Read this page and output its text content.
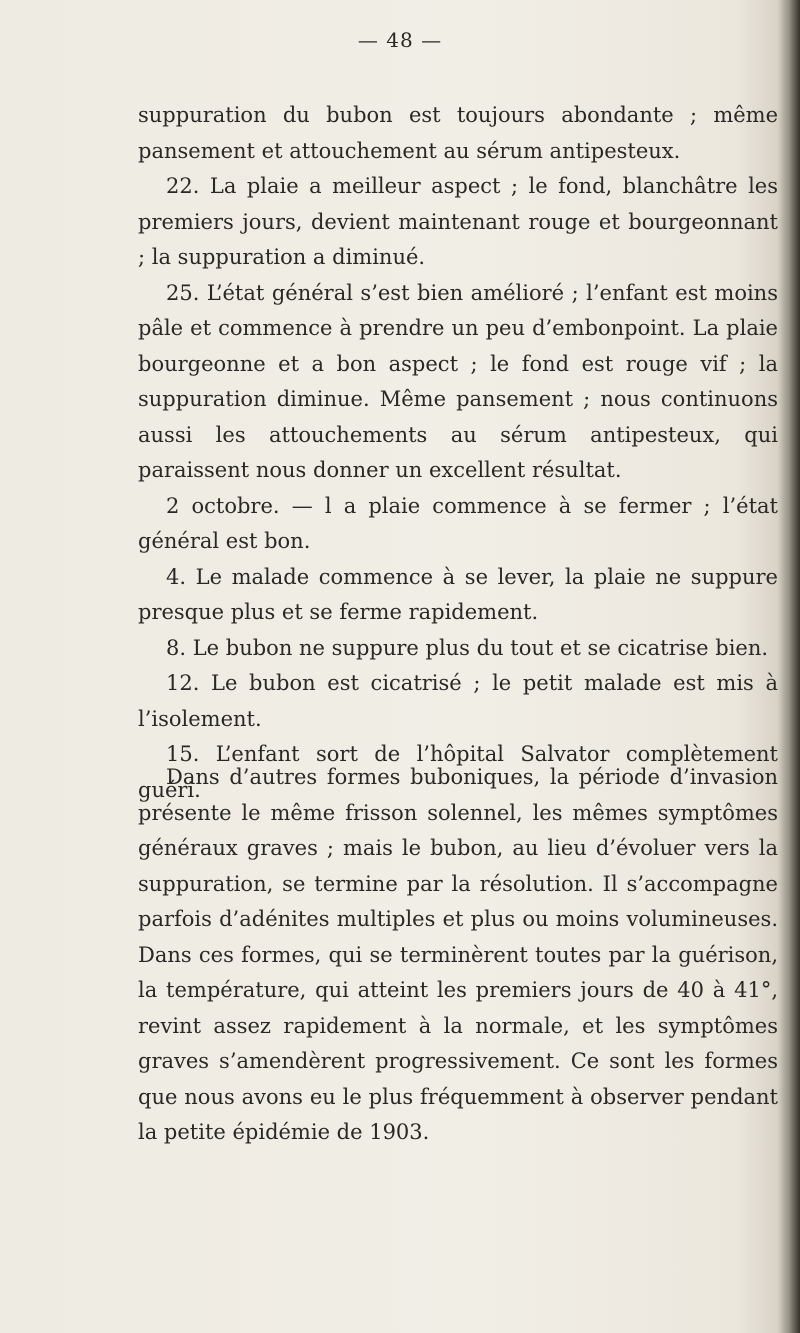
— 48 —

suppuration du bubon est toujours abondante ; même pansement et attouchement au sérum antipesteux.

22. La plaie a meilleur aspect ; le fond, blanchâtre les premiers jours, devient maintenant rouge et bourgeonnant ; la suppuration a diminué.

25. L’état général s’est bien amélioré ; l’enfant est moins pâle et commence à prendre un peu d’embonpoint. La plaie bourgeonne et a bon aspect ; le fond est rouge vif ; la suppuration diminue. Même pansement ; nous continuons aussi les attouchements au sérum antipesteux, qui paraissent nous donner un excellent résultat.

2 octobre. — l a plaie commence à se fermer ; l’état général est bon.

4. Le malade commence à se lever, la plaie ne suppure presque plus et se ferme rapidement.

8. Le bubon ne suppure plus du tout et se cicatrise bien.

12. Le bubon est cicatrisé ; le petit malade est mis à l’isolement.

15. L’enfant sort de l’hôpital Salvator complètement guéri.

Dans d’autres formes buboniques, la période d’invasion présente le même frisson solennel, les mêmes symptômes généraux graves ; mais le bubon, au lieu d’évoluer vers la suppuration, se termine par la résolution. Il s’accompagne parfois d’adénites multiples et plus ou moins volumineuses. Dans ces formes, qui se terminèrent toutes par la guérison, la température, qui atteint les premiers jours de 40 à 41°, revint assez rapidement à la normale, et les symptômes graves s’amendèrent progressivement. Ce sont les formes que nous avons eu le plus fréquemment à observer pendant la petite épidémie de 1903.
